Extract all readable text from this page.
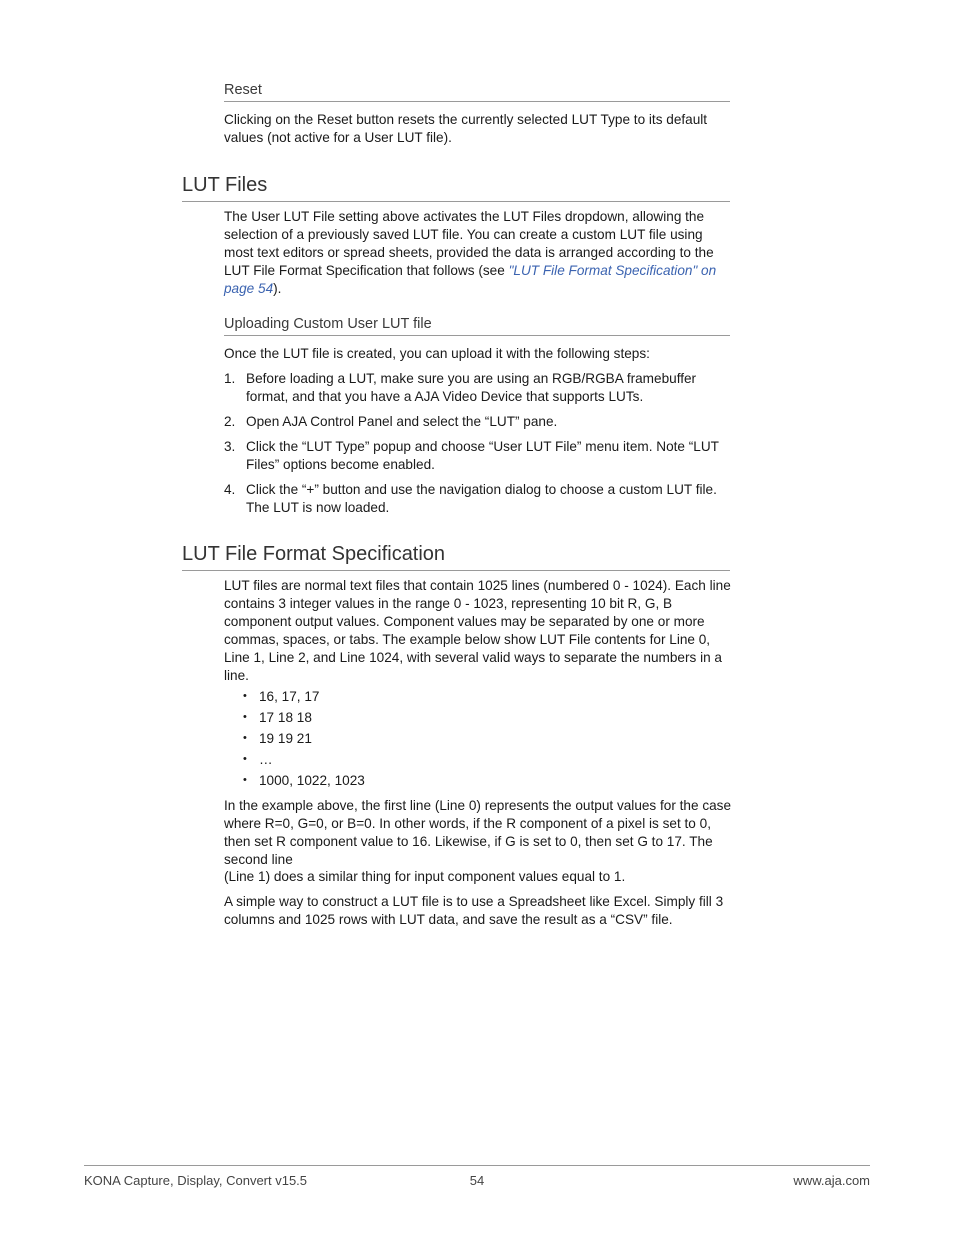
Reset

Clicking on the Reset button resets the currently selected LUT Type to its default values (not active for a User LUT file).

LUT Files

The User LUT File setting above activates the LUT Files dropdown, allowing the selection of a previously saved LUT file. You can create a custom LUT file using most text editors or spread sheets, provided the data is arranged according to the LUT File Format Specification that follows (see "LUT File Format Specification" on page 54).

Uploading Custom User LUT file

Once the LUT file is created, you can upload it with the following steps:

1. Before loading a LUT, make sure you are using an RGB/RGBA framebuffer format, and that you have a AJA Video Device that supports LUTs.
2. Open AJA Control Panel and select the “LUT” pane.
3. Click the “LUT Type” popup and choose “User LUT File” menu item. Note “LUT Files” options become enabled.
4. Click the “+” button and use the navigation dialog to choose a custom LUT file. The LUT is now loaded.
LUT File Format Specification

LUT files are normal text files that contain 1025 lines (numbered 0 - 1024). Each line contains 3 integer values in the range 0 - 1023, representing 10 bit R, G, B component output values. Component values may be separated by one or more commas, spaces, or tabs. The example below show LUT File contents for Line 0, Line 1, Line 2, and Line 1024, with several valid ways to separate the numbers in a line.

• 16, 17, 17
• 17 18 18
• 19 19 21
• …
• 1000, 1022, 1023

In the example above, the first line (Line 0) represents the output values for the case where R=0, G=0, or B=0. In other words, if the R component of a pixel is set to 0, then set R component value to 16. Likewise, if G is set to 0, then set G to 17. The second line

(Line 1) does a similar thing for input component values equal to 1.

A simple way to construct a LUT file is to use a Spreadsheet like Excel. Simply fill 3 columns and 1025 rows with LUT data, and save the result as a “CSV” file.

KONA Capture, Display, Convert v15.5	54	www.aja.com
